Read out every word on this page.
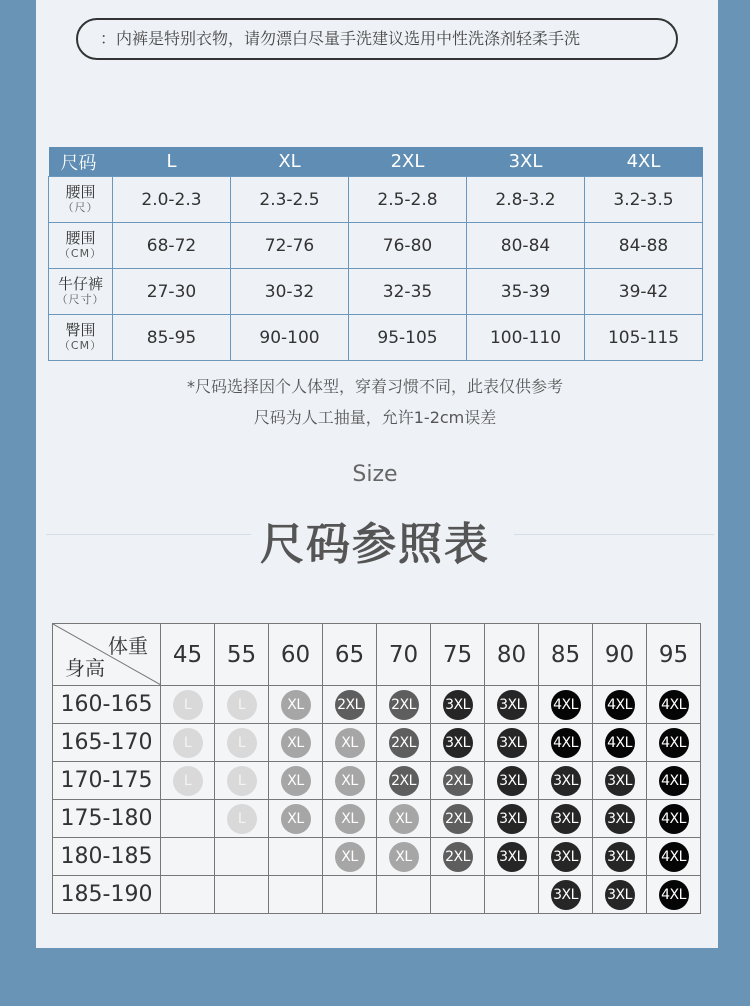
：内裤是特别衣物，请勿漂白尽量手洗建议选用中性洗涤剂轻柔手洗
尺码	L	XL	2XL	3XL	4XL
腰围
（尺）	2.0-2.3	2.3-2.5	2.5-2.8	2.8-3.2	3.2-3.5
腰围
（CM）	68-72	72-76	76-80	80-84	84-88
牛仔裤
（尺寸）	27-30	30-32	32-35	35-39	39-42
臀围
（CM）	85-95	90-100	95-105	100-110	105-115
*尺码选择因个人体型，穿着习惯不同，此表仅供参考
尺码为人工抽量，允许1-2cm误差
Size
尺码参照表
体重
身高	45	55	60	65	70	75	80	85	90	95
160-165	L	L	XL	2XL	2XL	3XL	3XL	4XL	4XL	4XL
165-170	L	L	XL	XL	2XL	3XL	3XL	4XL	4XL	4XL
170-175	L	L	XL	XL	2XL	2XL	3XL	3XL	3XL	4XL
175-180		L	XL	XL	XL	2XL	3XL	3XL	3XL	4XL
180-185				XL	XL	2XL	3XL	3XL	3XL	4XL
185-190								3XL	3XL	4XL
